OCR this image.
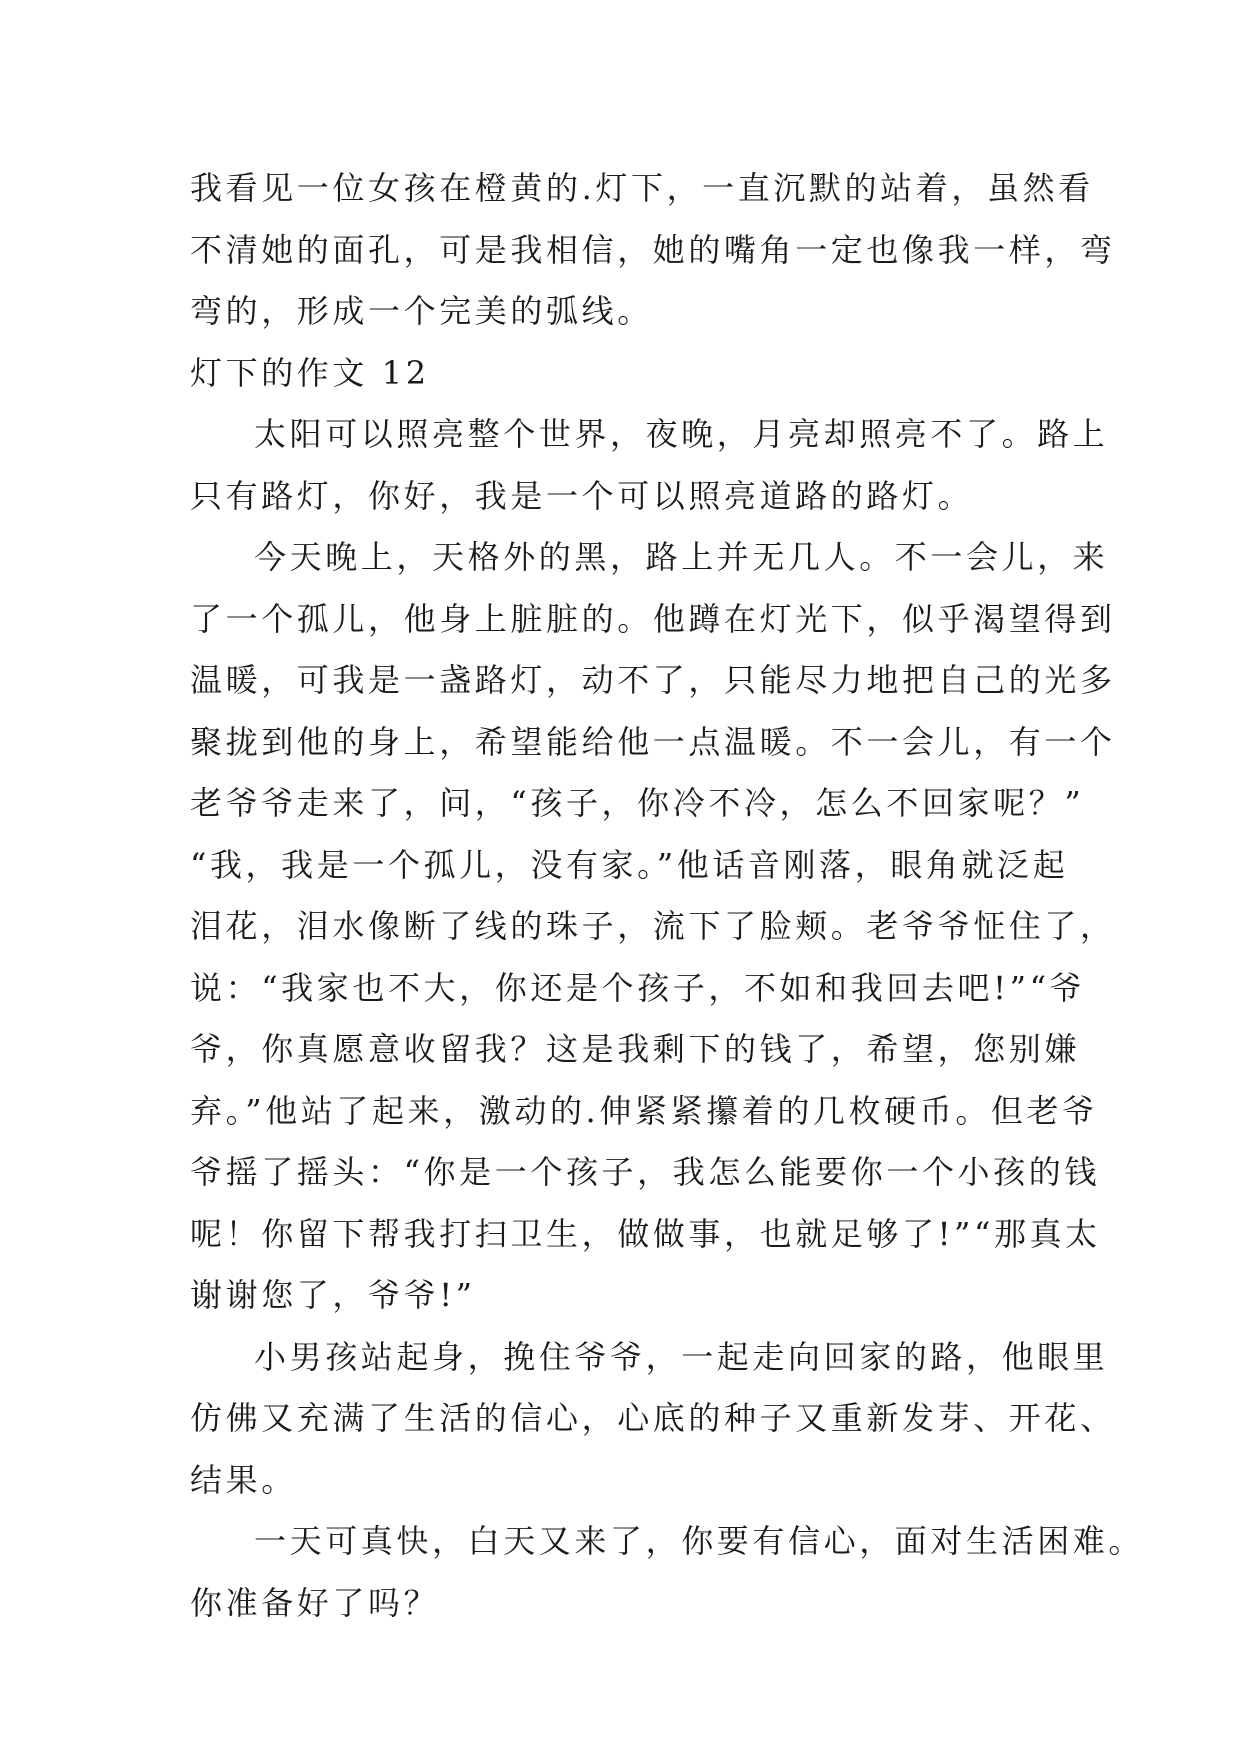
我看见一位女孩在橙黄的.灯下，一直沉默的站着，虽然看
不清她的面孔，可是我相信，她的嘴角一定也像我一样，弯
弯的，形成一个完美的弧线。
灯下的作文 12
太阳可以照亮整个世界，夜晚，月亮却照亮不了。路上
只有路灯，你好，我是一个可以照亮道路的路灯。
今天晚上，天格外的黑，路上并无几人。不一会儿，来
了一个孤儿，他身上脏脏的。他蹲在灯光下，似乎渴望得到
温暖，可我是一盏路灯，动不了，只能尽力地把自己的光多
聚拢到他的身上，希望能给他一点温暖。不一会儿，有一个
老爷爷走来了，问，“孩子，你冷不冷，怎么不回家呢？”
“我，我是一个孤儿，没有家。”他话音刚落，眼角就泛起
泪花，泪水像断了线的珠子，流下了脸颊。老爷爷怔住了，
说：“我家也不大，你还是个孩子，不如和我回去吧!”“爷
爷，你真愿意收留我？这是我剩下的钱了，希望，您别嫌
弃。”他站了起来，激动的.伸紧紧攥着的几枚硬币。但老爷
爷摇了摇头：“你是一个孩子，我怎么能要你一个小孩的钱
呢！你留下帮我打扫卫生，做做事，也就足够了!”“那真太
谢谢您了，爷爷!”
小男孩站起身，挽住爷爷，一起走向回家的路，他眼里
仿佛又充满了生活的信心，心底的种子又重新发芽、开花、
结果。
一天可真快，白天又来了，你要有信心，面对生活困难。
你准备好了吗？
